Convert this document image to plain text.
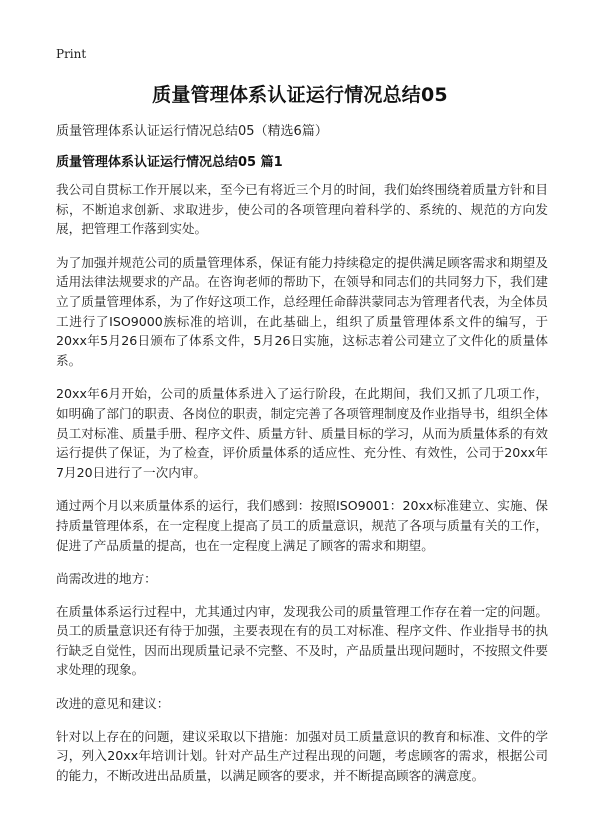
Print
质量管理体系认证运行情况总结05
质量管理体系认证运行情况总结05（精选6篇）
质量管理体系认证运行情况总结05 篇1

我公司自贯标工作开展以来，至今已有将近三个月的时间，我们始终围绕着质量方针和目标，不断追求创新、求取进步，使公司的各项管理向着科学的、系统的、规范的方向发展，把管理工作落到实处。

为了加强并规范公司的质量管理体系，保证有能力持续稳定的提供满足顾客需求和期望及适用法律法规要求的产品。在咨询老师的帮助下，在领导和同志们的共同努力下，我们建立了质量管理体系，为了作好这项工作，总经理任命薛洪蒙同志为管理者代表，为全体员工进行了ISO9000族标准的培训，在此基础上，组织了质量管理体系文件的编写，于20xx年5月26日颁布了体系文件，5月26日实施，这标志着公司建立了文件化的质量体系。

20xx年6月开始，公司的质量体系进入了运行阶段，在此期间，我们又抓了几项工作，如明确了部门的职责、各岗位的职责，制定完善了各项管理制度及作业指导书，组织全体员工对标准、质量手册、程序文件、质量方针、质量目标的学习，从而为质量体系的有效运行提供了保证，为了检查，评价质量体系的适应性、充分性、有效性，公司于20xx年7月20日进行了一次内审。

通过两个月以来质量体系的运行，我们感到：按照ISO9001：20xx标准建立、实施、保持质量管理体系，在一定程度上提高了员工的质量意识，规范了各项与质量有关的工作，促进了产品质量的提高，也在一定程度上满足了顾客的需求和期望。

尚需改进的地方：

在质量体系运行过程中，尤其通过内审，发现我公司的质量管理工作存在着一定的问题。员工的质量意识还有待于加强，主要表现在有的员工对标准、程序文件、作业指导书的执行缺乏自觉性，因而出现质量记录不完整、不及时，产品质量出现问题时，不按照文件要求处理的现象。

改进的意见和建议：

针对以上存在的问题，建议采取以下措施：加强对员工质量意识的教育和标准、文件的学习，列入20xx年培训计划。针对产品生产过程出现的问题，考虑顾客的需求，根据公司的能力，不断改进出品质量，以满足顾客的要求，并不断提高顾客的满意度。
